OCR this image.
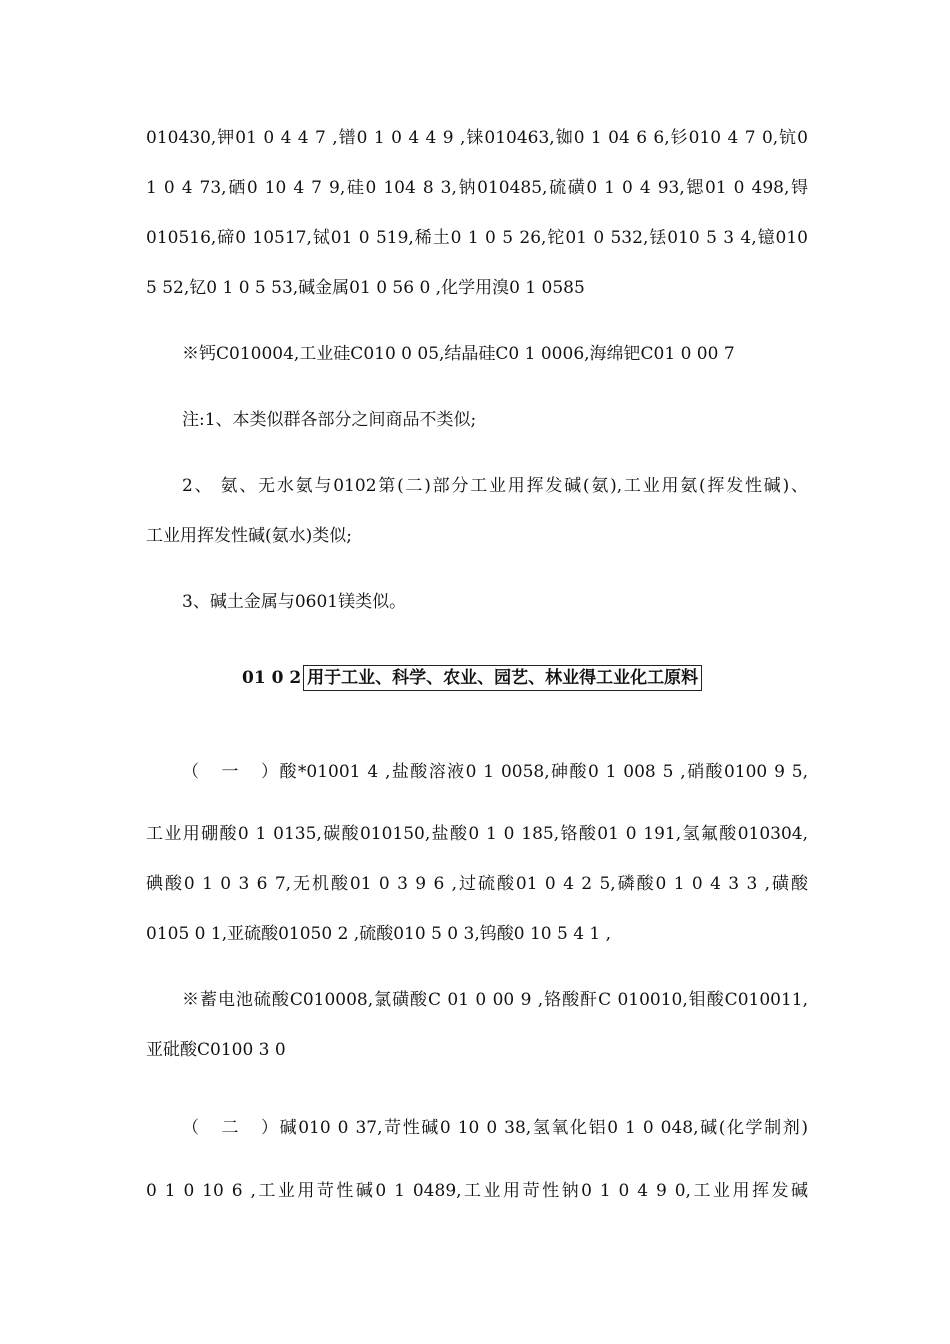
010430,钾01 0 4 4 7 ,镨0 1 0 4 4 9 ,铼010463,铷0 1 04 6 6,钐010 4 7 0,钪0
1 0 4 73,硒0 10 4 7 9,硅0 104 8 3,钠010485,硫磺0 1 0 4 93,锶01 0 498,锝
010516,碲0 10517,铽01 0 519,稀土0 1 0 5 26,铊01 0 532,铥010 5 3 4,镱010
5 52,钇0 1 0 5 53,碱金属01 0 56 0 ,化学用溴0 1 0585
※钙C010004,工业硅C010 0 05,结晶硅C0 1 0006,海绵钯C01 0 00 7
注:1、本类似群各部分之间商品不类似;
2、 氨、无水氨与0102第(二)部分工业用挥发碱(氨),工业用氨(挥发性碱)、
工业用挥发性碱(氨水)类似;
3、碱土金属与0601镁类似。
01 0 2 用于工业、科学、农业、园艺、林业得工业化工原料
（一）酸*01001 4 ,盐酸溶液0 1 0058,砷酸0 1 008 5 ,硝酸0100 9 5,
工业用硼酸0 1 0135,碳酸010150,盐酸0 1 0 185,铬酸01 0 191,氢氟酸010304,
碘酸0 1 0 3 6 7,无机酸01 0 3 9 6 ,过硫酸01 0 4 2 5,磷酸0 1 0 4 3 3 ,磺酸
0105 0 1,亚硫酸01050 2 ,硫酸010 5 0 3,钨酸0 10 5 4 1 ,
※蓄电池硫酸C010008,氯磺酸C 01 0 00 9 ,铬酸酐C 010010,钼酸C010011,
亚砒酸C0100 3 0
（二）碱010 0 37,苛性碱0 10 0 38,氢氧化铝0 1 0 048,碱(化学制剂)
0 1 0 10 6 ,工业用苛性碱0 1 0489,工业用苛性钠0 1 0 4 9 0,工业用挥发碱
